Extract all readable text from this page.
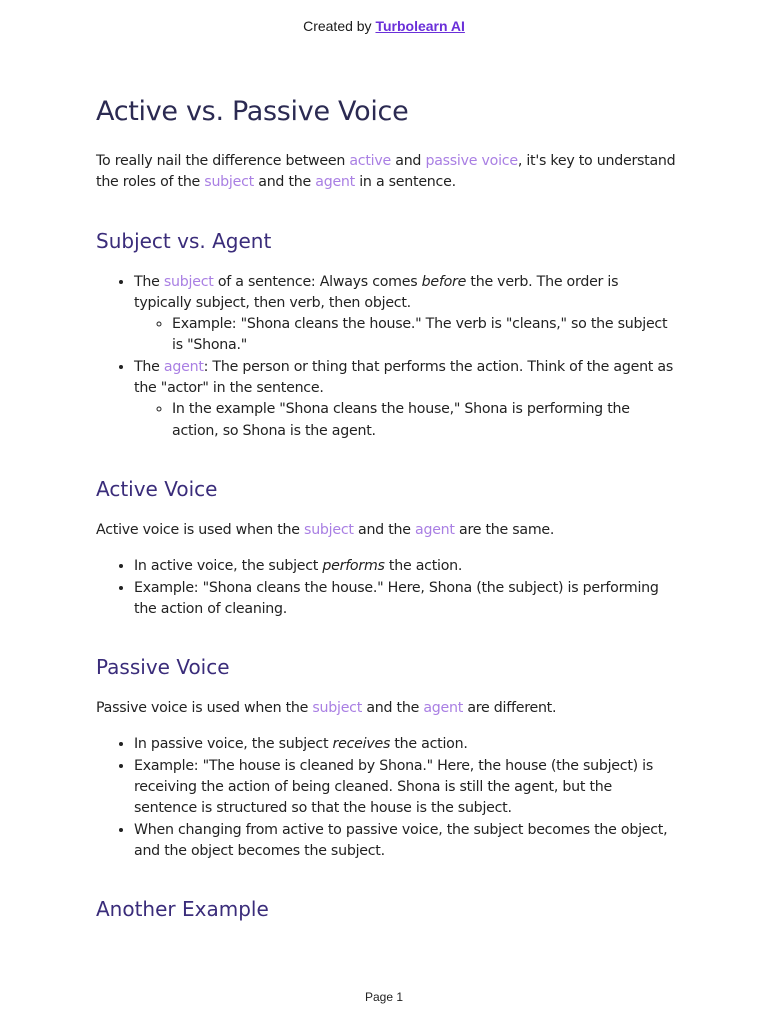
Created by Turbolearn AI
Active vs. Passive Voice

To really nail the difference between active and passive voice, it's key to understand the roles of the subject and the agent in a sentence.

Subject vs. Agent
• The subject of a sentence: Always comes before the verb. The order is typically subject, then verb, then object.
◦ Example: "Shona cleans the house." The verb is "cleans," so the subject is "Shona."
• The agent: The person or thing that performs the action. Think of the agent as the "actor" in the sentence.
◦ In the example "Shona cleans the house," Shona is performing the action, so Shona is the agent.
Active Voice

Active voice is used when the subject and the agent are the same.

• In active voice, the subject performs the action.
• Example: "Shona cleans the house." Here, Shona (the subject) is performing the action of cleaning.
Passive Voice

Passive voice is used when the subject and the agent are different.

• In passive voice, the subject receives the action.
• Example: "The house is cleaned by Shona." Here, the house (the subject) is receiving the action of being cleaned. Shona is still the agent, but the sentence is structured so that the house is the subject.
• When changing from active to passive voice, the subject becomes the object, and the object becomes the subject.
Another Example
Page 1
